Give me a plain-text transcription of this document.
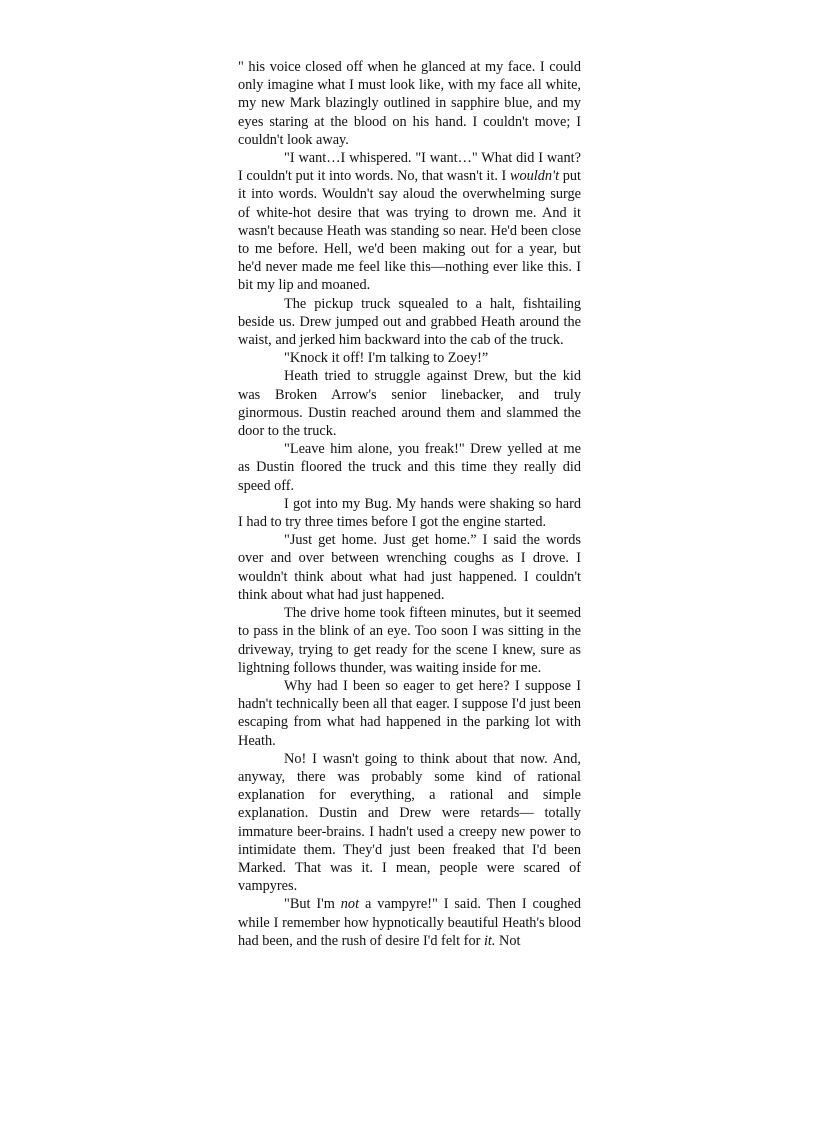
" his voice closed off when he glanced at my face. I could only imagine what I must look like, with my face all white, my new Mark blazingly outlined in sapphire blue, and my eyes staring at the blood on his hand. I couldn't move; I couldn't look away.

"I want…I whispered. "I want…" What did I want? I couldn't put it into words. No, that wasn't it. I wouldn't put it into words. Wouldn't say aloud the overwhelming surge of white-hot desire that was trying to drown me. And it wasn't because Heath was standing so near. He'd been close to me before. Hell, we'd been making out for a year, but he'd never made me feel like this—nothing ever like this. I bit my lip and moaned.

The pickup truck squealed to a halt, fishtailing beside us. Drew jumped out and grabbed Heath around the waist, and jerked him backward into the cab of the truck.

"Knock it off! I'm talking to Zoey!”

Heath tried to struggle against Drew, but the kid was Broken Arrow's senior linebacker, and truly ginormous. Dustin reached around them and slammed the door to the truck.

"Leave him alone, you freak!" Drew yelled at me as Dustin floored the truck and this time they really did speed off.

I got into my Bug. My hands were shaking so hard I had to try three times before I got the engine started.

"Just get home. Just get home.” I said the words over and over between wrenching coughs as I drove. I wouldn't think about what had just happened. I couldn't think about what had just happened.

The drive home took fifteen minutes, but it seemed to pass in the blink of an eye. Too soon I was sitting in the driveway, trying to get ready for the scene I knew, sure as lightning follows thunder, was waiting inside for me.

Why had I been so eager to get here? I suppose I hadn't technically been all that eager. I suppose I'd just been escaping from what had happened in the parking lot with Heath.

No! I wasn't going to think about that now. And, anyway, there was probably some kind of rational explanation for everything, a rational and simple explanation. Dustin and Drew were retards— totally immature beer-brains. I hadn't used a creepy new power to intimidate them. They'd just been freaked that I'd been Marked. That was it. I mean, people were scared of vampyres.

"But I'm not a vampyre!" I said. Then I coughed while I remember how hypnotically beautiful Heath's blood had been, and the rush of desire I'd felt for it. Not
